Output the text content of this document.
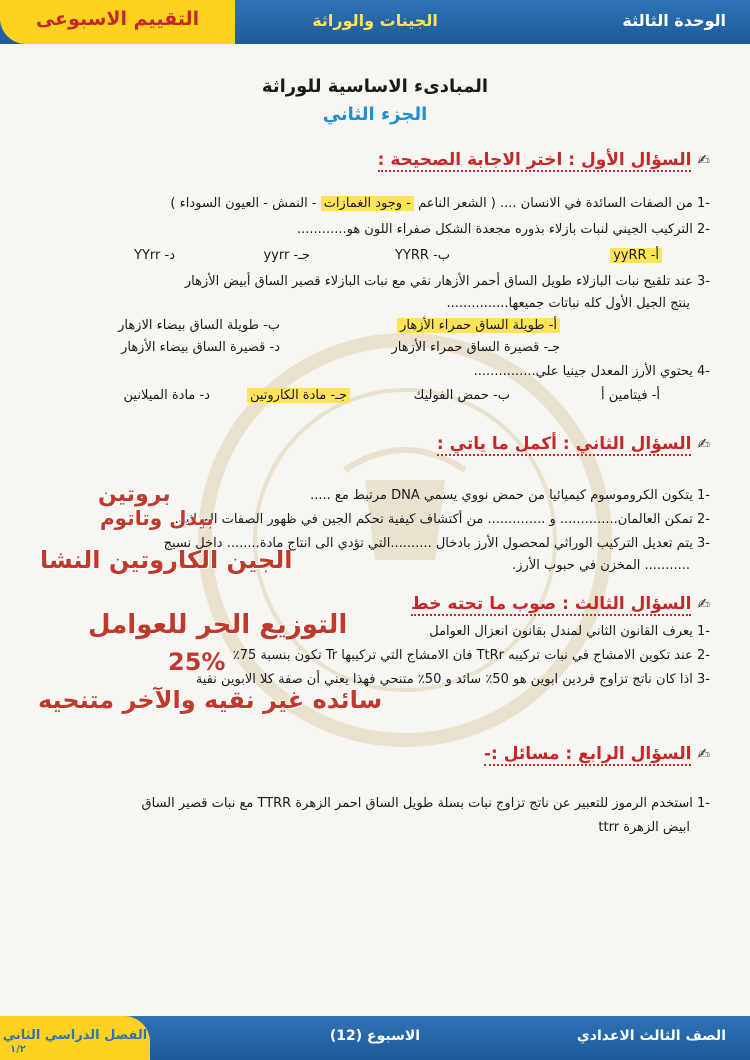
الوحدة الثالثة
الجينات والوراثة
التقييم الاسبوعى
المبادىء الاساسية للوراثة
الجزء الثاني
✍السؤال الأول : اختر الاجابة الصحيحة :
-1 من الصفات السائدة في الانسان .... ( الشعر الناعم - وجود الغمازات - النمش - العيون السوداء )
-2 التركيب الجيني لنبات بازلاء بذوره مجعدة الشكل صفراء اللون هو............
أ- yyRR
ب- YYRR
جـ- yyrr
د- YYrr
-3 عند تلقيح نبات البازلاء طويل الساق أحمر الأزهار نقي مع نبات البازلاء قصير الساق أبيض الأزهار
ينتج الجيل الأول كله نباتات جميعها...............
أ- طويلة الساق حمراء الأزهار
ب- طويلة الساق بيضاء الازهار
جـ- قصيرة الساق حمراء الأزهار
د- قصيرة الساق بيضاء الأزهار
-4 يحتوي الأرز المعدل جينيا علي...............
أ- فيتامين أ
ب- حمض الفوليك
جـ- مادة الكاروتين
د- مادة الميلانين
✍السؤال الثاني : أكمل ما ياتي :
-1 يتكون الكروموسوم كيميائيا من حمض نووي يسمي DNA مرتبط مع .....
-2 تمكن العالمان.............. و .............. من أكتشاف كيفية تحكم الجين في ظهور الصفات الوراثية.
-3 يتم تعديل التركيب الوراثي لمحصول الأرز بادخال ..........التي تؤدي الى انتاج مادة........ داخل نسيج
........... المخزن في حبوب الأرز.
بروتين
بيدل وتاتوم
الجين الكاروتين النشا
✍السؤال الثالث : صوب ما تحته خط
-1 يعرف القانون الثاني لمندل بقانون انعزال العوامل
-2 عند تكوين الامشاج في نبات تركيبه TtRr فان الامشاج التي تركيبها Tr تكون بنسبة 75٪
-3 اذا كان ناتج تزاوج فردين ابوين هو 50٪ سائد و 50٪ متنحي فهذا يعني أن صفة كلا الابوين نقية
التوزيع الحر للعوامل
25%
سائده غير نقيه والآخر متنحيه
✍السؤال الرابع : مسائل :-
-1 استخدم الرموز للتعبير عن ناتج تزاوج نبات بسلة طويل الساق احمر الزهرة TTRR مع نبات قصير الساق
ابيض الزهرة ttrr
الصف الثالث الاعدادي
الاسبوع (12)
الفصل الدراسي الثاني
١/٢
